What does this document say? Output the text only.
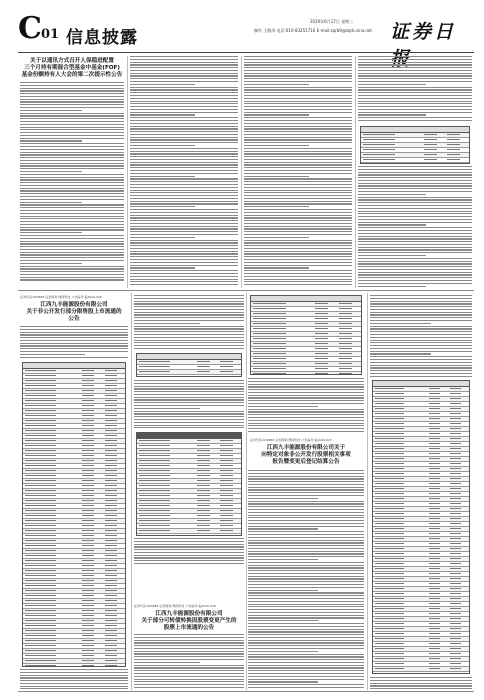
C 01 信息披露
2020年6月17日 星期三
制作 王敬涛 电话:010-83251716 E-mail:zqrb9@zqrb.sina.net 证券日
关于以通讯方式召开人保稳进配置
三个月持有期混合型基金中基金(FOF)
基金份额持有人大会的第二次提示性公告
证券代码:600883 证券简称:博闻科技 公告编号:临2020-026
江西九丰能源股份有限公司
关于非公开发行部分限售股上市流通的
公告
证券代码:600883 证券简称:博闻科技 公告编号:临2020-028
江西九丰能源股份有限公司
关于部分可转债转换因股票变更产生的
股票上市流通的公告
证券代码:600883 证券简称:博闻科技 公告编号:临2020-027
江西九丰能源股份有限公司关于
向特定对象非公开发行股票相关事项
报告暨变更后登记结算公告
